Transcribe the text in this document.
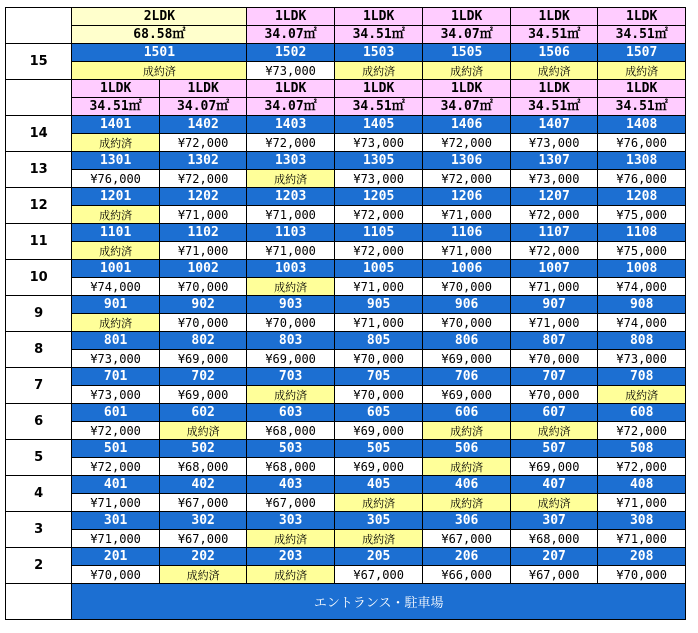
	2LDK		1LDK	1LDK	1LDK	1LDK	1LDK
	68.58㎡		34.07㎡	34.51㎡	34.07㎡	34.51㎡	34.51㎡
15	1501		1502	1503	1505	1506	1507
	成約済		¥73,000	成約済	成約済	成約済	成約済
	1LDK	1LDK	1LDK	1LDK	1LDK	1LDK	1LDK
	34.51㎡	34.07㎡	34.07㎡	34.51㎡	34.07㎡	34.51㎡	34.51㎡
14	1401	1402	1403	1405	1406	1407	1408
	成約済	¥72,000	¥72,000	¥73,000	¥72,000	¥73,000	¥76,000
13	1301	1302	1303	1305	1306	1307	1308
	¥76,000	¥72,000	成約済	¥73,000	¥72,000	¥73,000	¥76,000
12	1201	1202	1203	1205	1206	1207	1208
	成約済	¥71,000	¥71,000	¥72,000	¥71,000	¥72,000	¥75,000
11	1101	1102	1103	1105	1106	1107	1108
	成約済	¥71,000	¥71,000	¥72,000	¥71,000	¥72,000	¥75,000
10	1001	1002	1003	1005	1006	1007	1008
	¥74,000	¥70,000	成約済	¥71,000	¥70,000	¥71,000	¥74,000
9	901	902	903	905	906	907	908
	成約済	¥70,000	¥70,000	¥71,000	¥70,000	¥71,000	¥74,000
8	801	802	803	805	806	807	808
	¥73,000	¥69,000	¥69,000	¥70,000	¥69,000	¥70,000	¥73,000
7	701	702	703	705	706	707	708
	¥73,000	¥69,000	成約済	¥70,000	¥69,000	¥70,000	成約済
6	601	602	603	605	606	607	608
	¥72,000	成約済	¥68,000	¥69,000	成約済	成約済	¥72,000
5	501	502	503	505	506	507	508
	¥72,000	¥68,000	¥68,000	¥69,000	成約済	¥69,000	¥72,000
4	401	402	403	405	406	407	408
	¥71,000	¥67,000	¥67,000	成約済	成約済	成約済	¥71,000
3	301	302	303	305	306	307	308
	¥71,000	¥67,000	成約済	成約済	¥67,000	¥68,000	¥71,000
2	201	202	203	205	206	207	208
	¥70,000	成約済	成約済	¥67,000	¥66,000	¥67,000	¥70,000
	エントランス・駐車場						
